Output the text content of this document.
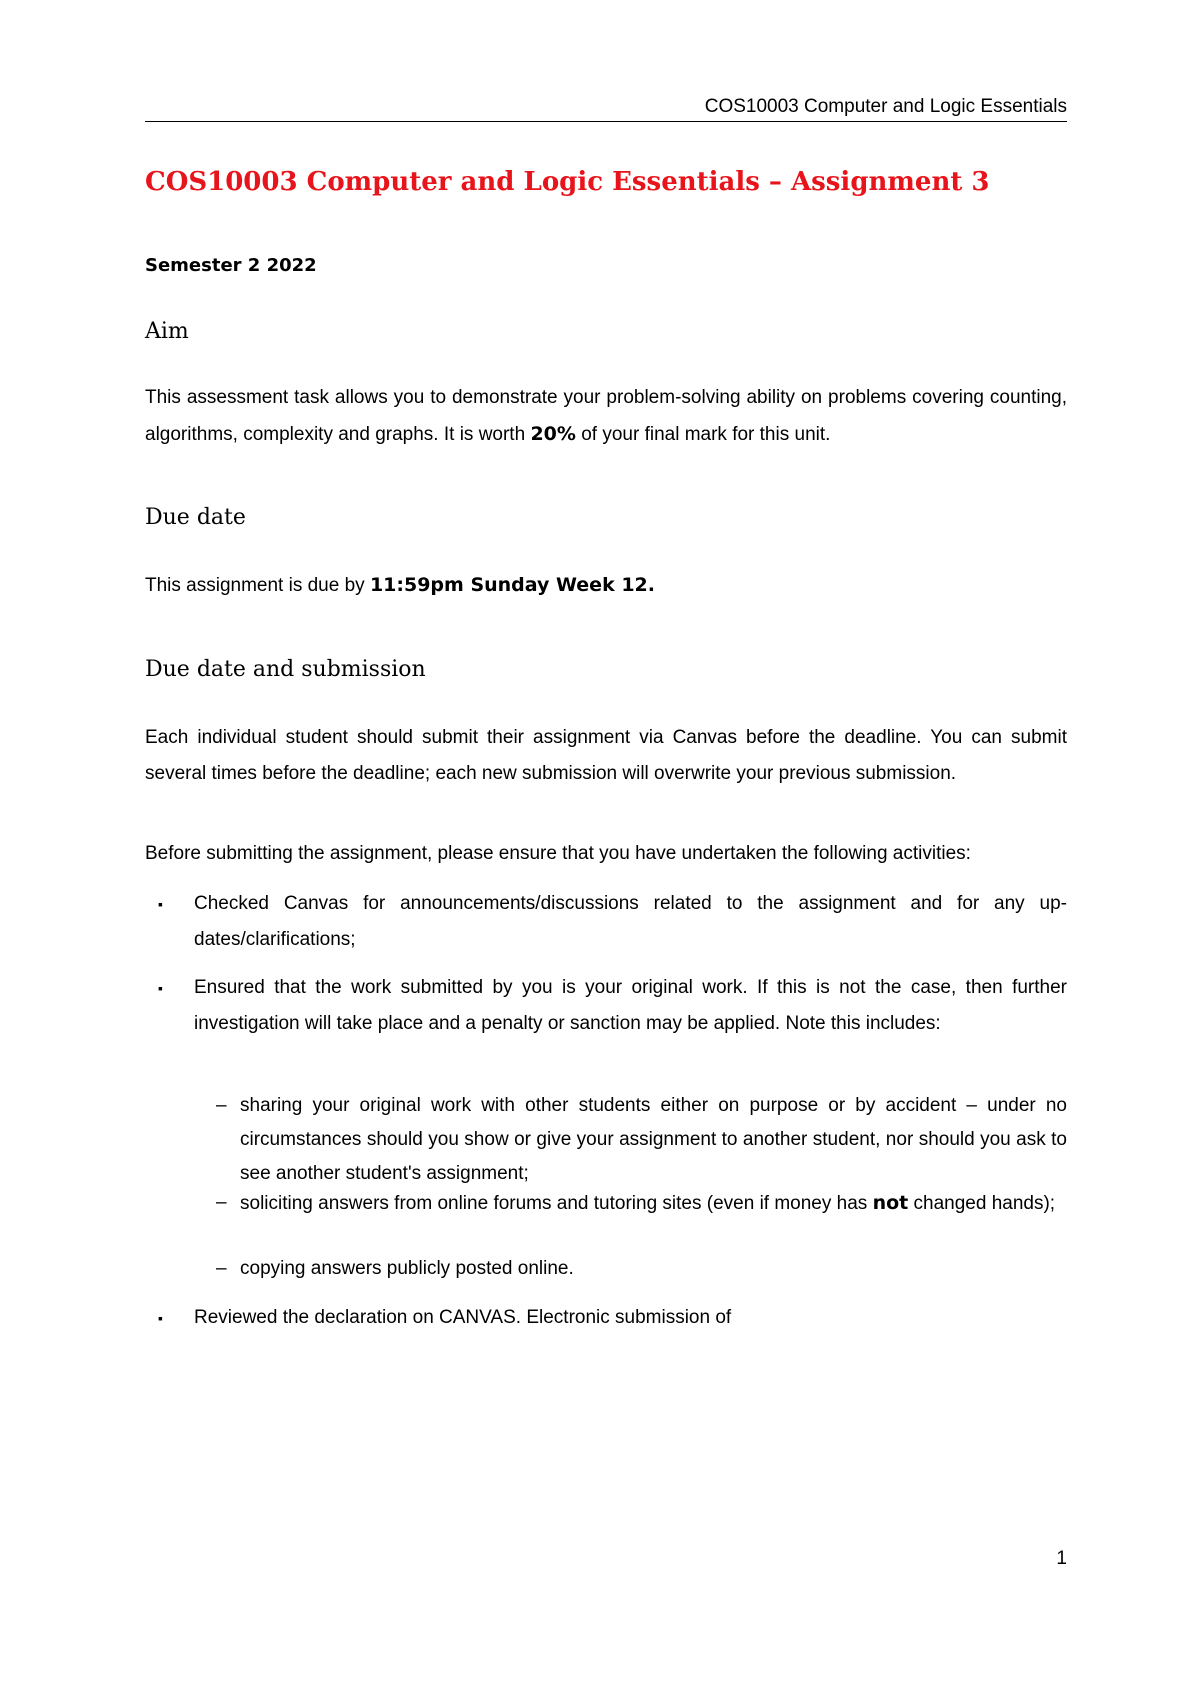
COS10003 Computer and Logic Essentials
COS10003 Computer and Logic Essentials – Assignment 3
Semester 2 2022
Aim
This assessment task allows you to demonstrate your problem-solving ability on problems covering counting, algorithms, complexity and graphs. It is worth 20% of your final mark for this unit.
Due date
This assignment is due by 11:59pm Sunday Week 12.
Due date and submission
Each individual student should submit their assignment via Canvas before the deadline. You can submit several times before the deadline; each new submission will overwrite your previous submission.
Before submitting the assignment, please ensure that you have undertaken the following activities:
▪	Checked Canvas for announcements/discussions related to the assignment and for any up- dates/clarifications;
▪	Ensured that the work submitted by you is your original work. If this is not the case, then further investigation will take place and a penalty or sanction may be applied. Note this includes:
– sharing your original work with other students either on purpose or by accident – under no circumstances should you show or give your assignment to another student, nor should you ask to see another student's assignment;
– soliciting answers from online forums and tutoring sites (even if money has not changed hands);
– copying answers publicly posted online.
▪	Reviewed the declaration on CANVAS. Electronic submission of
1
